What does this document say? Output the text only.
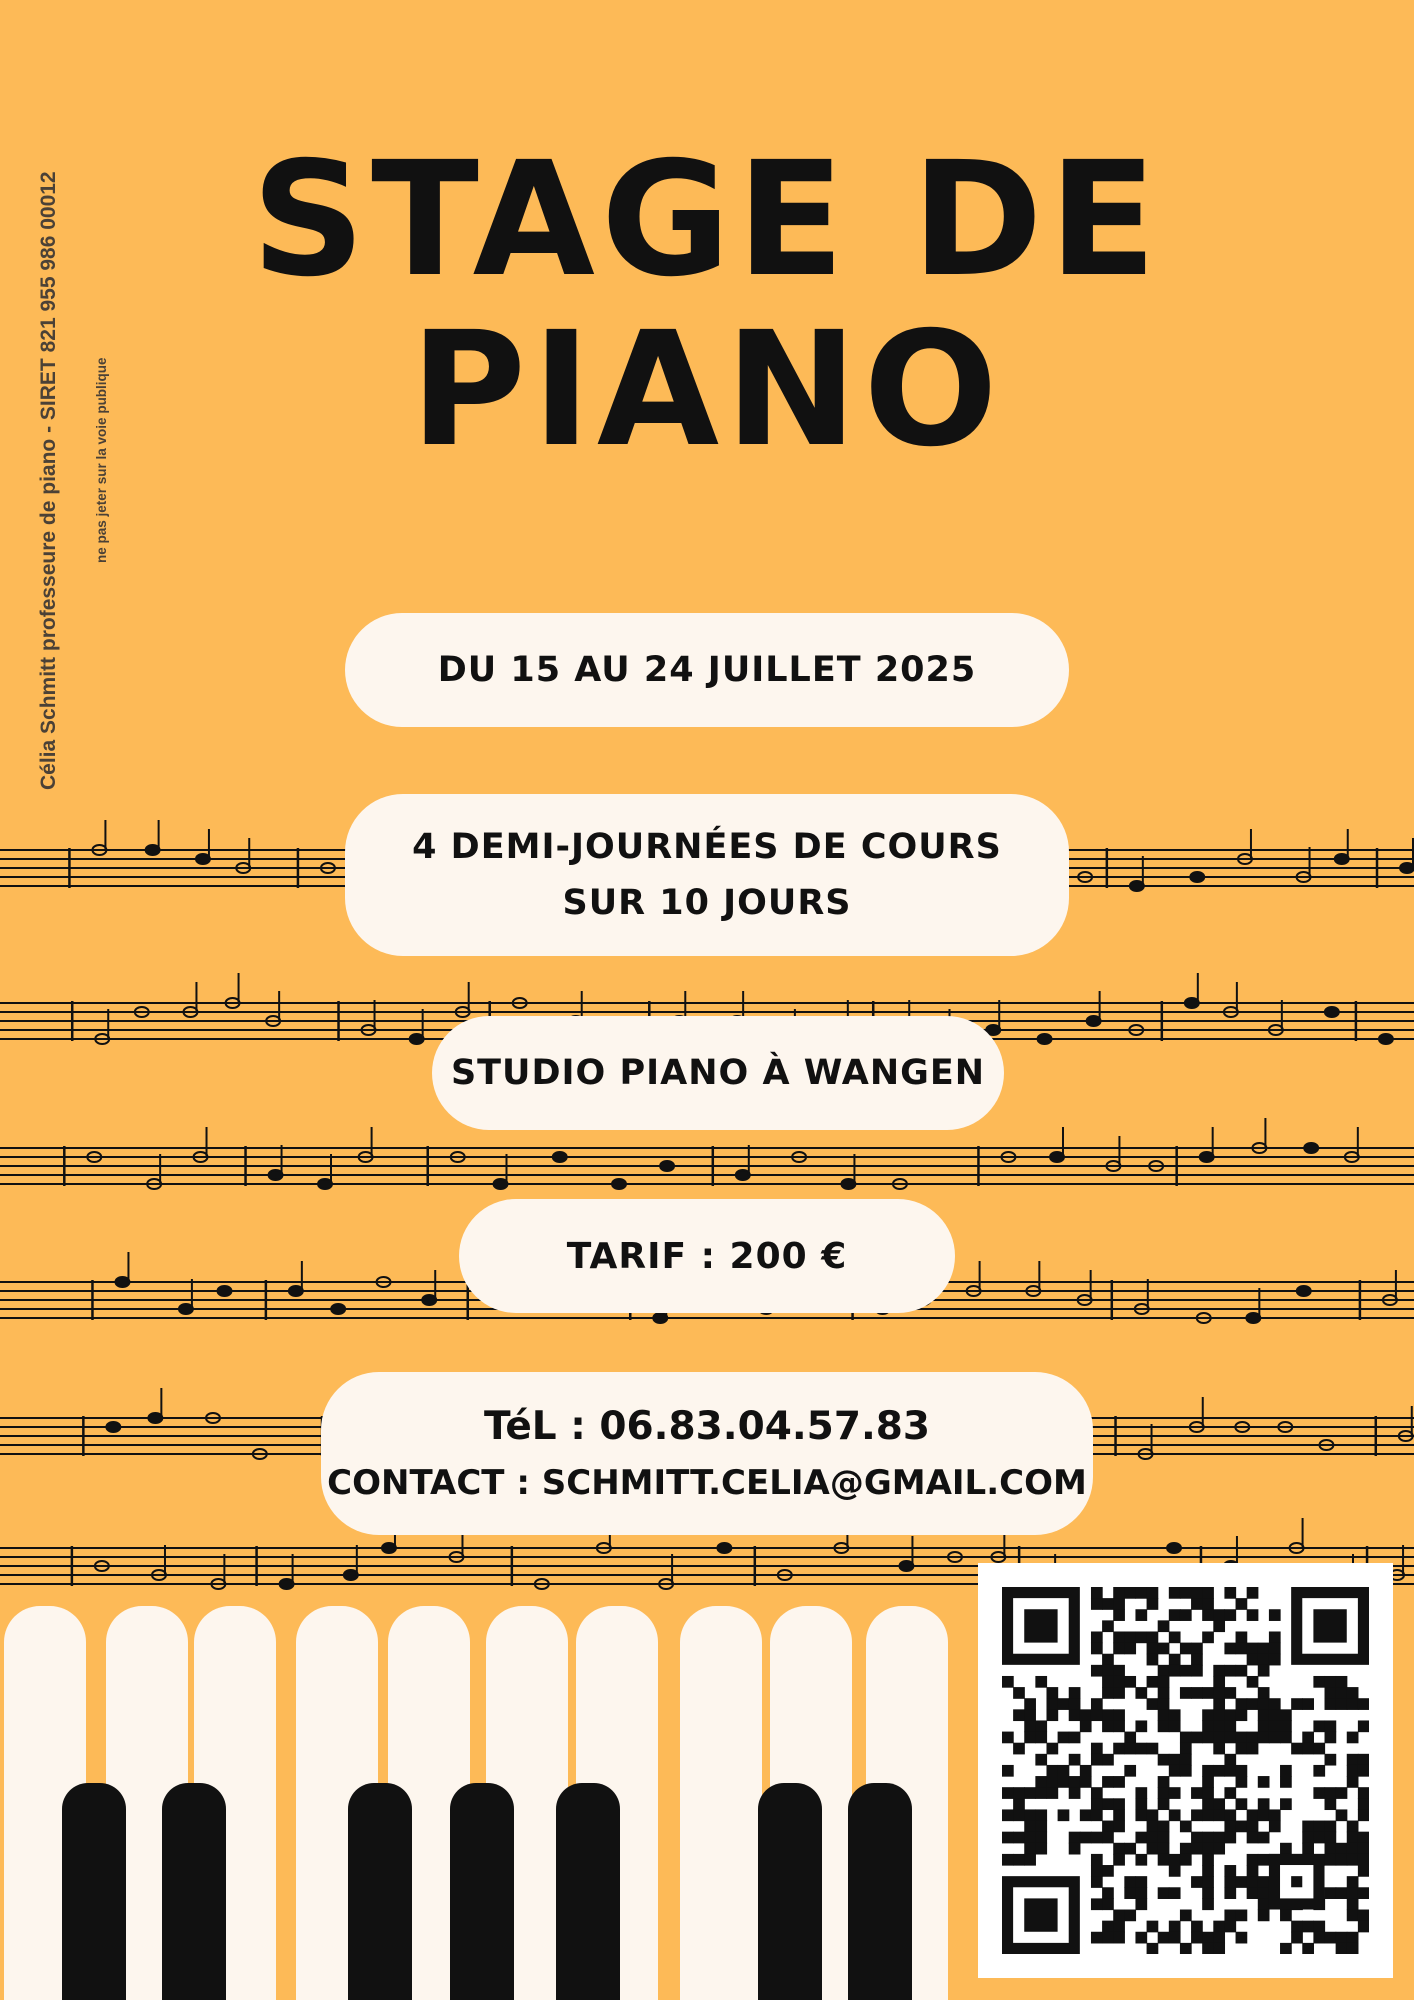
Célia Schmitt professeure de piano - SIRET 821 955 986 00012	ne pas jeter sur la voie publique
STAGE DE
PIANO
DU 15 AU 24 JUILLET 2025
4 DEMI-JOURNÉES DE COURS
SUR 10 JOURS
STUDIO PIANO À WANGEN
TARIF : 200 €
TéL : 06.83.04.57.83
CONTACT : SCHMITT.CELIA@GMAIL.COM
